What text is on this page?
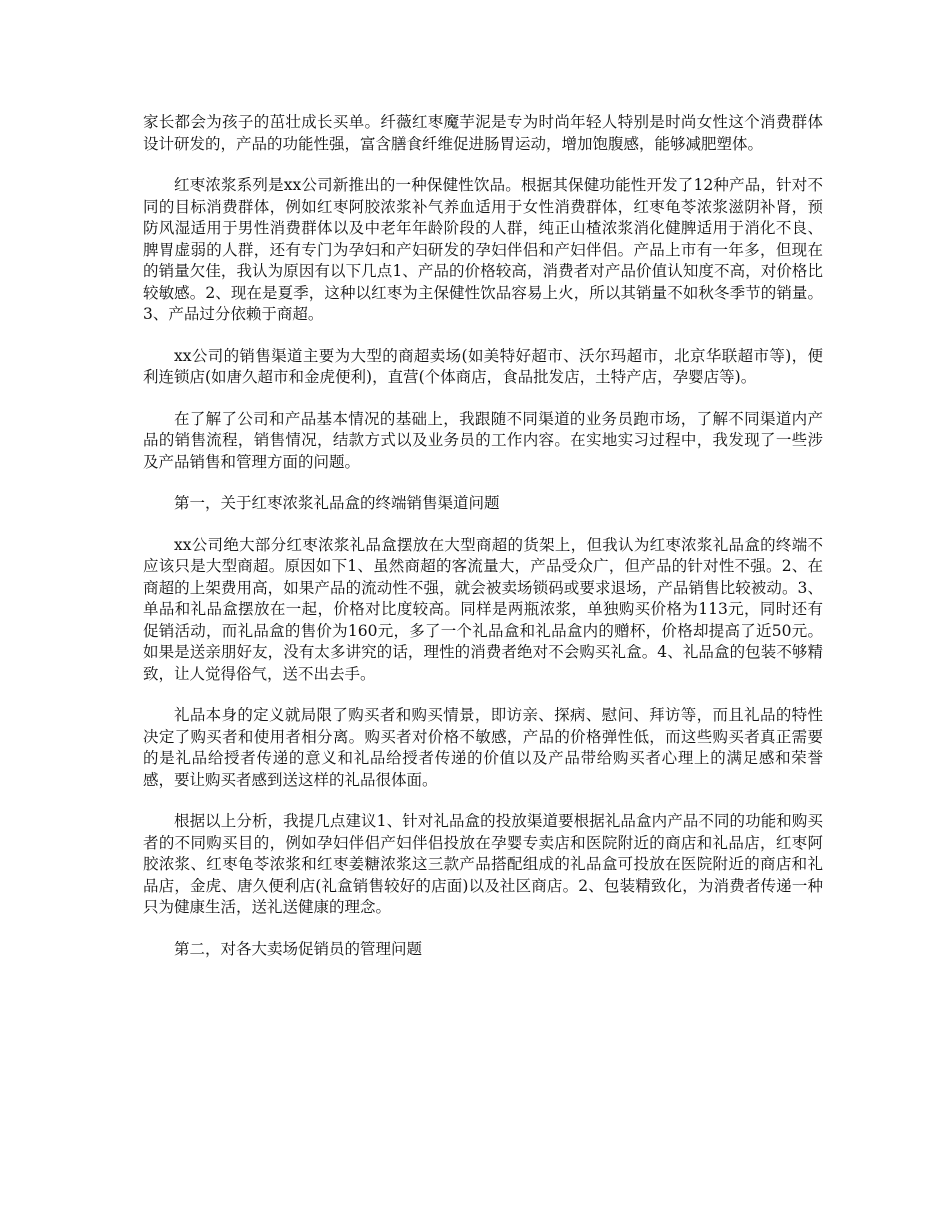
家长都会为孩子的茁壮成长买单。纤薇红枣魔芋泥是专为时尚年轻人特别是时尚女性这个消费群体设计研发的，产品的功能性强，富含膳食纤维促进肠胃运动，增加饱腹感，能够减肥塑体。

红枣浓浆系列是xx公司新推出的一种保健性饮品。根据其保健功能性开发了12种产品，针对不同的目标消费群体，例如红枣阿胶浓浆补气养血适用于女性消费群体，红枣龟苓浓浆滋阴补肾，预防风湿适用于男性消费群体以及中老年年龄阶段的人群，纯正山楂浓浆消化健脾适用于消化不良、脾胃虚弱的人群，还有专门为孕妇和产妇研发的孕妇伴侣和产妇伴侣。产品上市有一年多，但现在的销量欠佳，我认为原因有以下几点1、产品的价格较高，消费者对产品价值认知度不高，对价格比较敏感。2、现在是夏季，这种以红枣为主保健性饮品容易上火，所以其销量不如秋冬季节的销量。3、产品过分依赖于商超。

xx公司的销售渠道主要为大型的商超卖场(如美特好超市、沃尔玛超市，北京华联超市等)，便利连锁店(如唐久超市和金虎便利)，直营(个体商店，食品批发店，土特产店，孕婴店等)。

在了解了公司和产品基本情况的基础上，我跟随不同渠道的业务员跑市场，了解不同渠道内产品的销售流程，销售情况，结款方式以及业务员的工作内容。在实地实习过程中，我发现了一些涉及产品销售和管理方面的问题。

第一，关于红枣浓浆礼品盒的终端销售渠道问题

xx公司绝大部分红枣浓浆礼品盒摆放在大型商超的货架上，但我认为红枣浓浆礼品盒的终端不应该只是大型商超。原因如下1、虽然商超的客流量大，产品受众广，但产品的针对性不强。2、在商超的上架费用高，如果产品的流动性不强，就会被卖场锁码或要求退场，产品销售比较被动。3、单品和礼品盒摆放在一起，价格对比度较高。同样是两瓶浓浆，单独购买价格为113元，同时还有促销活动，而礼品盒的售价为160元，多了一个礼品盒和礼品盒内的赠杯，价格却提高了近50元。如果是送亲朋好友，没有太多讲究的话，理性的消费者绝对不会购买礼盒。4、礼品盒的包装不够精致，让人觉得俗气，送不出去手。

礼品本身的定义就局限了购买者和购买情景，即访亲、探病、慰问、拜访等，而且礼品的特性决定了购买者和使用者相分离。购买者对价格不敏感，产品的价格弹性低，而这些购买者真正需要的是礼品给授者传递的意义和礼品给授者传递的价值以及产品带给购买者心理上的满足感和荣誉感，要让购买者感到送这样的礼品很体面。

根据以上分析，我提几点建议1、针对礼品盒的投放渠道要根据礼品盒内产品不同的功能和购买者的不同购买目的，例如孕妇伴侣产妇伴侣投放在孕婴专卖店和医院附近的商店和礼品店，红枣阿胶浓浆、红枣龟苓浓浆和红枣姜糖浓浆这三款产品搭配组成的礼品盒可投放在医院附近的商店和礼品店，金虎、唐久便利店(礼盒销售较好的店面)以及社区商店。2、包装精致化，为消费者传递一种只为健康生活，送礼送健康的理念。

第二，对各大卖场促销员的管理问题
